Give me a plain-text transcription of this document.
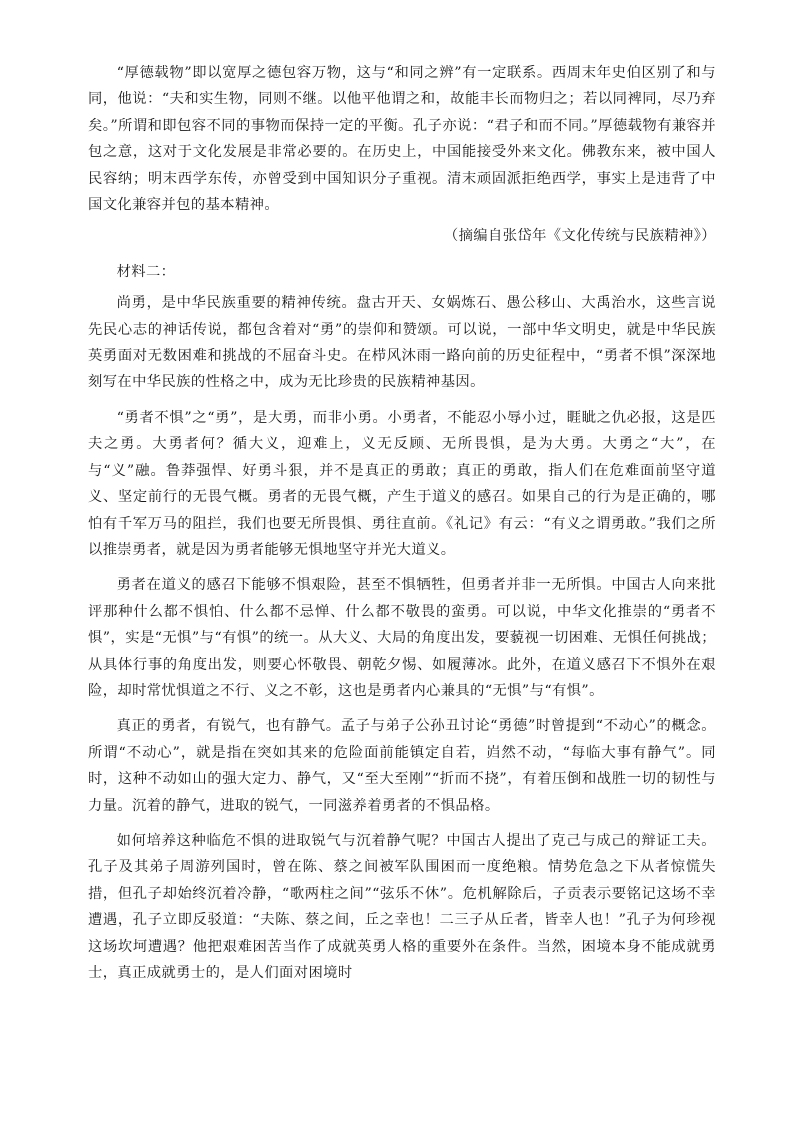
“厚德载物”即以宽厚之德包容万物，这与“和同之辨”有一定联系。西周末年史伯区别了和与同，他说：“夫和实生物，同则不继。以他平他谓之和，故能丰长而物归之；若以同裨同，尽乃弃矣。”所谓和即包容不同的事物而保持一定的平衡。孔子亦说：“君子和而不同。”厚德载物有兼容并包之意，这对于文化发展是非常必要的。在历史上，中国能接受外来文化。佛教东来，被中国人民容纳；明末西学东传，亦曾受到中国知识分子重视。清末顽固派拒绝西学，事实上是违背了中国文化兼容并包的基本精神。

（摘编自张岱年《文化传统与民族精神》）

材料二：

尚勇，是中华民族重要的精神传统。盘古开天、女娲炼石、愚公移山、大禹治水，这些言说先民心志的神话传说，都包含着对“勇”的崇仰和赞颂。可以说，一部中华文明史，就是中华民族英勇面对无数困难和挑战的不屈奋斗史。在栉风沐雨一路向前的历史征程中，“勇者不惧”深深地刻写在中华民族的性格之中，成为无比珍贵的民族精神基因。

“勇者不惧”之“勇”，是大勇，而非小勇。小勇者，不能忍小辱小过，睚眦之仇必报，这是匹夫之勇。大勇者何？循大义，迎难上，义无反顾、无所畏惧，是为大勇。大勇之“大”，在与“义”融。鲁莽强悍、好勇斗狠，并不是真正的勇敢；真正的勇敢，指人们在危难面前坚守道义、坚定前行的无畏气概。勇者的无畏气概，产生于道义的感召。如果自己的行为是正确的，哪怕有千军万马的阻拦，我们也要无所畏惧、勇往直前。《礼记》有云：“有义之谓勇敢。”我们之所以推崇勇者，就是因为勇者能够无惧地坚守并光大道义。

勇者在道义的感召下能够不惧艰险，甚至不惧牺牲，但勇者并非一无所惧。中国古人向来批评那种什么都不惧怕、什么都不忌惮、什么都不敬畏的蛮勇。可以说，中华文化推崇的“勇者不惧”，实是“无惧”与“有惧”的统一。从大义、大局的角度出发，要藐视一切困难、无惧任何挑战；从具体行事的角度出发，则要心怀敬畏、朝乾夕惕、如履薄冰。此外，在道义感召下不惧外在艰险，却时常忧惧道之不行、义之不彰，这也是勇者内心兼具的“无惧”与“有惧”。

真正的勇者，有锐气，也有静气。孟子与弟子公孙丑讨论“勇德”时曾提到“不动心”的概念。所谓“不动心”，就是指在突如其来的危险面前能镇定自若，岿然不动，“每临大事有静气”。同时，这种不动如山的强大定力、静气，又“至大至刚”“折而不挠”，有着压倒和战胜一切的韧性与力量。沉着的静气，进取的锐气，一同滋养着勇者的不惧品格。

如何培养这种临危不惧的进取锐气与沉着静气呢？中国古人提出了克己与成己的辩证工夫。孔子及其弟子周游列国时，曾在陈、蔡之间被军队围困而一度绝粮。情势危急之下从者惊慌失措，但孔子却始终沉着冷静，“歌两柱之间”“弦乐不休”。危机解除后，子贡表示要铭记这场不幸遭遇，孔子立即反驳道：“夫陈、蔡之间，丘之幸也！二三子从丘者，皆幸人也！”孔子为何珍视这场坎坷遭遇？他把艰难困苦当作了成就英勇人格的重要外在条件。当然，困境本身不能成就勇士，真正成就勇士的，是人们面对困境时
